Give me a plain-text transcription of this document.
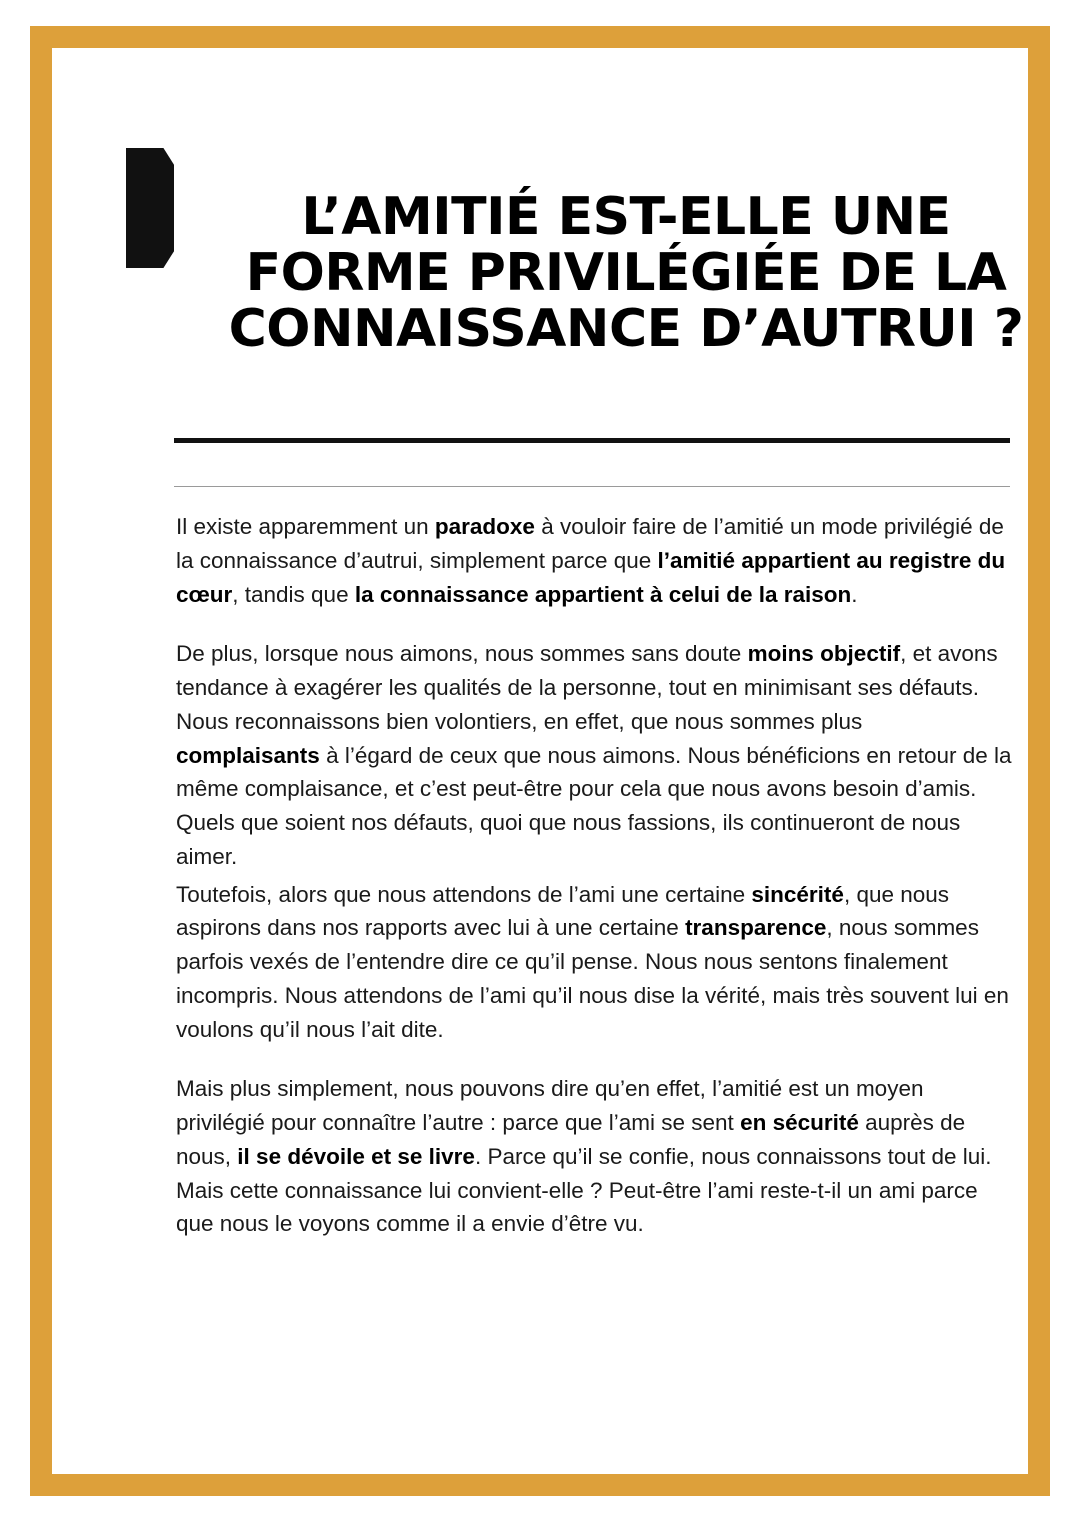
L’AMITIÉ EST-ELLE UNE FORME PRIVILÉGIÉE DE LA CONNAISSANCE D’AUTRUI ?

Il existe apparemment un paradoxe à vouloir faire de l’amitié un mode privilégié de la connaissance d’autrui, simplement parce que l’amitié appartient au registre du cœur, tandis que la connaissance appartient à celui de la raison.

De plus, lorsque nous aimons, nous sommes sans doute moins objectif, et avons tendance à exagérer les qualités de la personne, tout en minimisant ses défauts. Nous reconnaissons bien volontiers, en effet, que nous sommes plus complaisants à l’égard de ceux que nous aimons. Nous bénéficions en retour de la même complaisance, et c’est peut-être pour cela que nous avons besoin d’amis. Quels que soient nos défauts, quoi que nous fassions, ils continueront de nous aimer.

Toutefois, alors que nous attendons de l’ami une certaine sincérité, que nous aspirons dans nos rapports avec lui à une certaine transparence, nous sommes parfois vexés de l’entendre dire ce qu’il pense. Nous nous sentons finalement incompris. Nous attendons de l’ami qu’il nous dise la vérité, mais très souvent lui en voulons qu’il nous l’ait dite.

Mais plus simplement, nous pouvons dire qu’en effet, l’amitié est un moyen privilégié pour connaître l’autre : parce que l’ami se sent en sécurité auprès de nous, il se dévoile et se livre. Parce qu’il se confie, nous connaissons tout de lui. Mais cette connaissance lui convient-elle ? Peut-être l’ami reste-t-il un ami parce que nous le voyons comme il a envie d’être vu.
